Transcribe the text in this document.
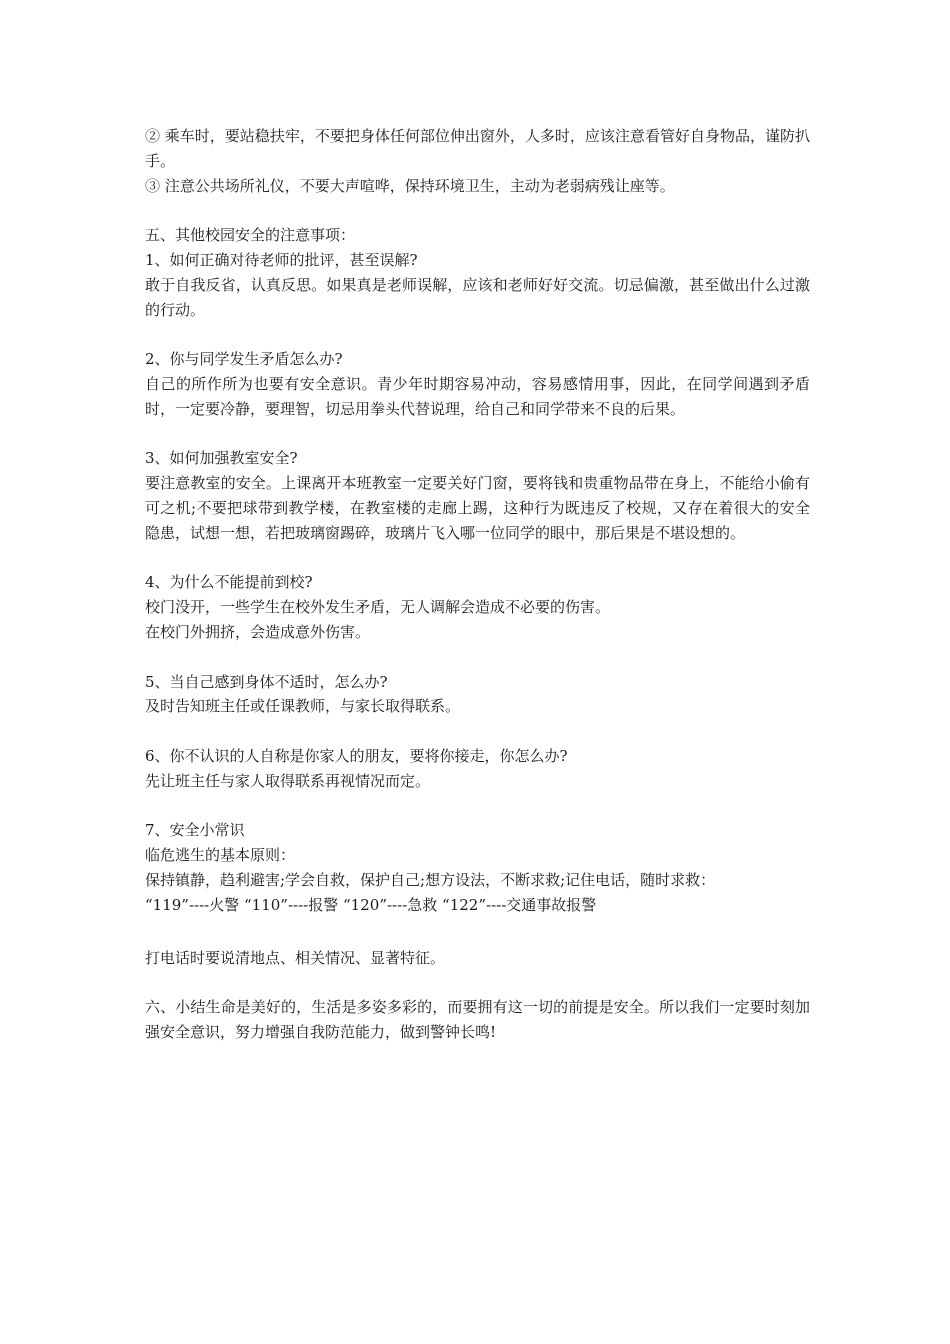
② 乘车时，要站稳扶牢，不要把身体任何部位伸出窗外，人多时，应该注意看管好自身物品，谨防扒手。

③ 注意公共场所礼仪，不要大声喧哗，保持环境卫生，主动为老弱病残让座等。

五、其他校园安全的注意事项：

1、如何正确对待老师的批评，甚至误解?

敢于自我反省，认真反思。如果真是老师误解，应该和老师好好交流。切忌偏激，甚至做出什么过激的行动。

2、你与同学发生矛盾怎么办?

自己的所作所为也要有安全意识。青少年时期容易冲动，容易感情用事，因此，在同学间遇到矛盾时，一定要冷静，要理智，切忌用拳头代替说理，给自己和同学带来不良的后果。

3、如何加强教室安全?

要注意教室的安全。上课离开本班教室一定要关好门窗，要将钱和贵重物品带在身上，不能给小偷有可之机;不要把球带到教学楼，在教室楼的走廊上踢，这种行为既违反了校规，又存在着很大的安全隐患，试想一想，若把玻璃窗踢碎，玻璃片飞入哪一位同学的眼中，那后果是不堪设想的。

4、为什么不能提前到校?

校门没开，一些学生在校外发生矛盾，无人调解会造成不必要的伤害。

在校门外拥挤，会造成意外伤害。

5、当自己感到身体不适时，怎么办?

及时告知班主任或任课教师，与家长取得联系。

6、你不认识的人自称是你家人的朋友，要将你接走，你怎么办?

先让班主任与家人取得联系再视情况而定。

7、安全小常识

临危逃生的基本原则：

保持镇静，趋利避害;学会自救，保护自己;想方设法，不断求救;记住电话，随时求救：

“119”----火警 “110”----报警 “120”----急救 “122”----交通事故报警

打电话时要说清地点、相关情况、显著特征。

六、小结生命是美好的，生活是多姿多彩的，而要拥有这一切的前提是安全。所以我们一定要时刻加强安全意识，努力增强自我防范能力，做到警钟长鸣!
